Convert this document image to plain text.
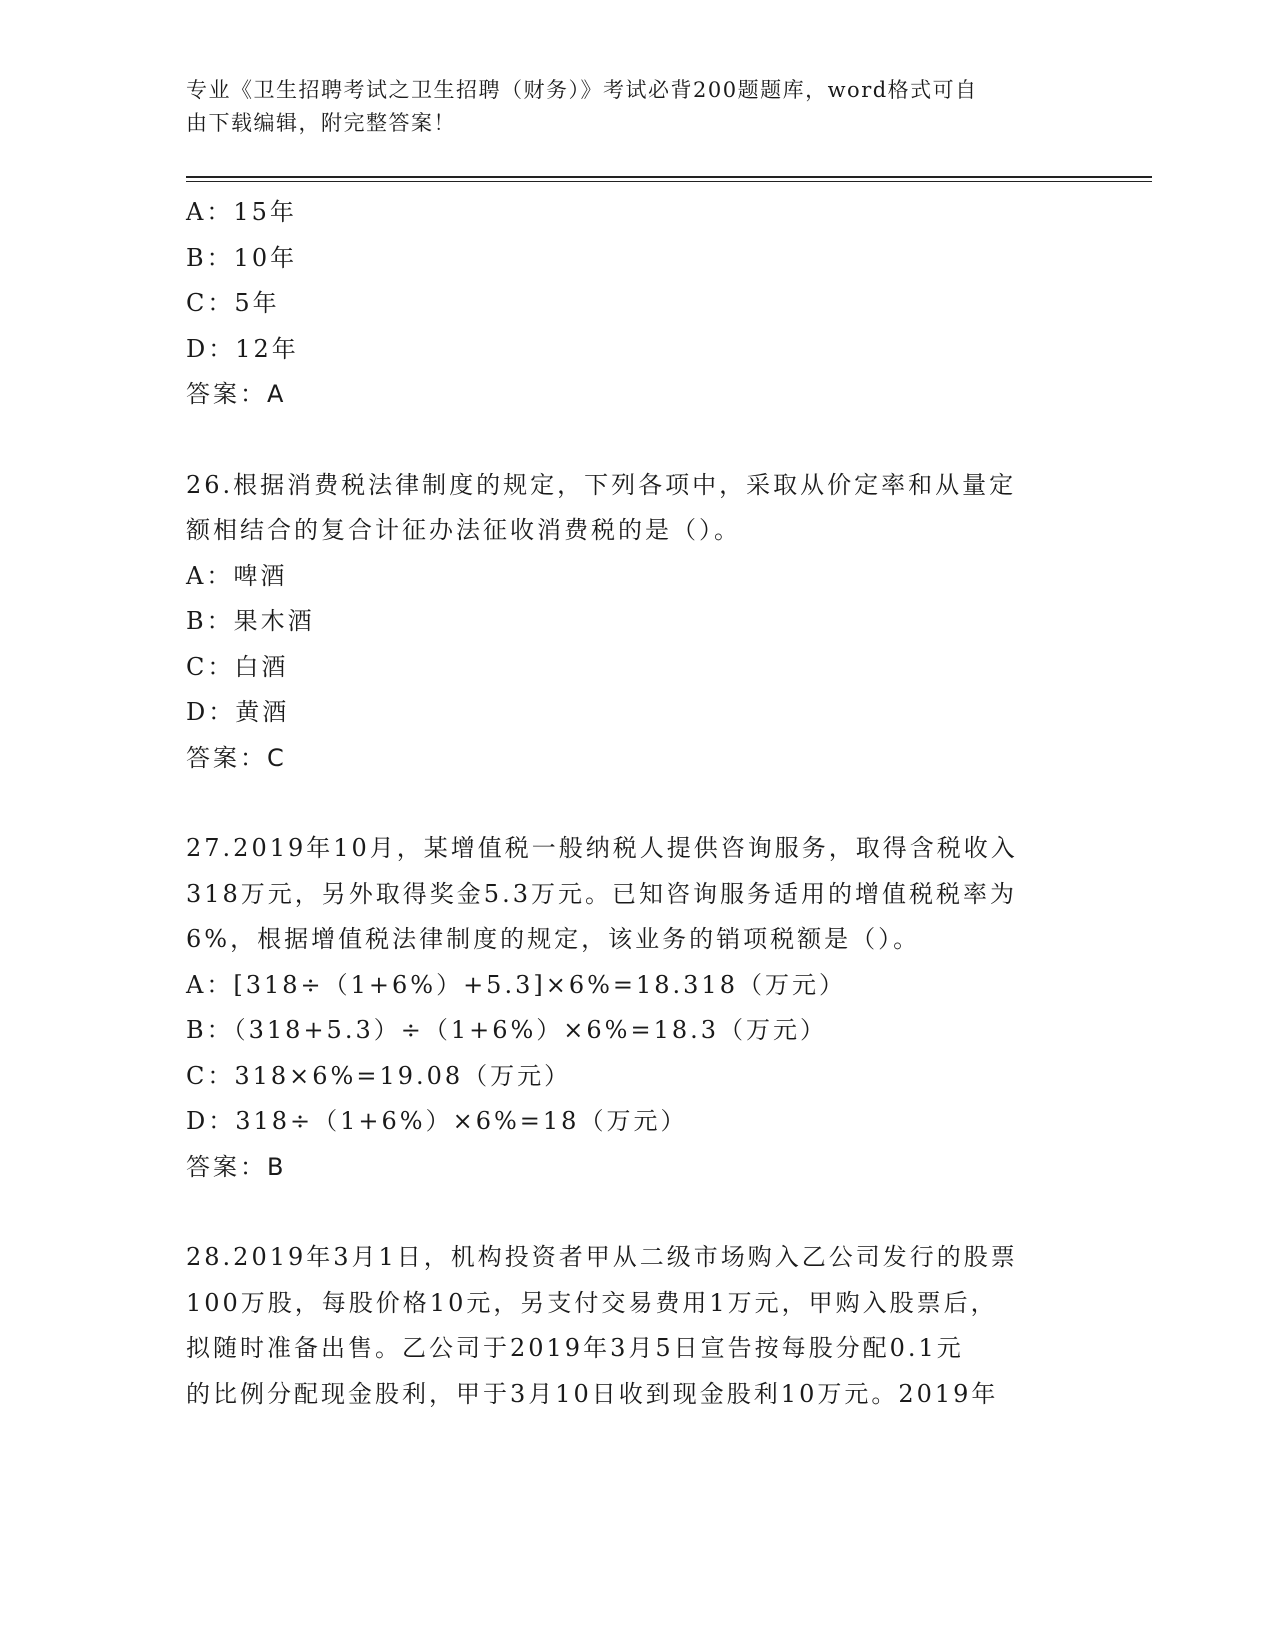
专业《卫生招聘考试之卫生招聘（财务）》考试必背200题题库，word格式可自
由下载编辑，附完整答案！
A：15年
B：10年
C：5年
D：12年
答案：A
26.根据消费税法律制度的规定，下列各项中，采取从价定率和从量定
额相结合的复合计征办法征收消费税的是（）。
A：啤酒
B：果木酒
C：白酒
D：黄酒
答案：C
27.2019年10月，某增值税一般纳税人提供咨询服务，取得含税收入
318万元，另外取得奖金5.3万元。已知咨询服务适用的增值税税率为
6%，根据增值税法律制度的规定，该业务的销项税额是（）。
A：[318÷（1+6%）+5.3]×6%=18.318（万元）
B：（318+5.3）÷（1+6%）×6%=18.3（万元）
C：318×6%=19.08（万元）
D：318÷（1+6%）×6%=18（万元）
答案：B
28.2019年3月1日，机构投资者甲从二级市场购入乙公司发行的股票
100万股，每股价格10元，另支付交易费用1万元，甲购入股票后，
拟随时准备出售。乙公司于2019年3月5日宣告按每股分配0.1元
的比例分配现金股利，甲于3月10日收到现金股利10万元。2019年
